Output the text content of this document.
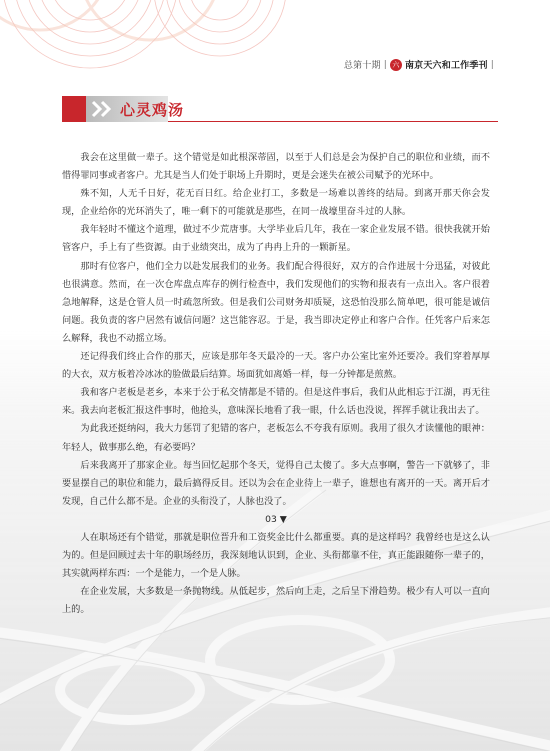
总第十期 | 六 南京天六和工作季刊 |
心灵鸡汤

我会在这里做一辈子。这个错觉是如此根深蒂固，以至于人们总是会为保护自己的职位和业绩，而不惜得罪同事或者客户。尤其是当人们处于职场上升期时，更是会迷失在被公司赋予的光环中。

殊不知，人无千日好，花无百日红。给企业打工，多数是一场难以善终的结局。到离开那天你会发现，企业给你的光环消失了，唯一剩下的可能就是那些，在同一战壕里奋斗过的人脉。

我年轻时不懂这个道理，做过不少荒唐事。大学毕业后几年，我在一家企业发展不错。很快我就开始管客户，手上有了些资源。由于业绩突出，成为了冉冉上升的一颗新星。

那时有位客户，他们全力以赴发展我们的业务。我们配合得很好，双方的合作进展十分迅猛，对彼此也很满意。然而，在一次仓库盘点库存的例行检查中，我们发现他们的实物和报表有一点出入。客户很着急地解释，这是仓管人员一时疏忽所致。但是我们公司财务却质疑，这恐怕没那么简单吧，很可能是诚信问题。我负责的客户居然有诚信问题？这岂能容忍。于是，我当即决定停止和客户合作。任凭客户后来怎么解释，我也不动摇立场。

还记得我们终止合作的那天，应该是那年冬天最冷的一天。客户办公室比室外还要冷。我们穿着厚厚的大衣，双方板着冷冰冰的脸做最后结算。场面犹如离婚一样，每一分钟都是煎熬。

我和客户老板是老乡，本来于公于私交情都是不错的。但是这件事后，我们从此相忘于江湖，再无往来。我去向老板汇报这件事时，他抢头，意味深长地看了我一眼，什么话也没说，挥挥手就让我出去了。

为此我还挺纳闷，我大力惩罚了犯错的客户，老板怎么不夸我有原则。我用了很久才读懂他的眼神：年轻人，做事那么绝，有必要吗？

后来我离开了那家企业。每当回忆起那个冬天，觉得自己太傻了。多大点事啊，警告一下就够了，非要显摆自己的职位和能力，最后搞得反目。还以为会在企业待上一辈子，谁想也有离开的一天。离开后才发现，自己什么都不是。企业的头衔没了，人脉也没了。

03 ▼

人在职场还有个错觉，那就是职位晋升和工资奖金比什么都重要。真的是这样吗？我曾经也是这么认为的。但是回顾过去十年的职场经历，我深刻地认识到，企业、头衔都靠不住，真正能跟随你一辈子的，其实就两样东西：一个是能力，一个是人脉。

在企业发展，大多数是一条抛物线。从低起步，然后向上走，之后呈下滑趋势。极少有人可以一直向上的。
